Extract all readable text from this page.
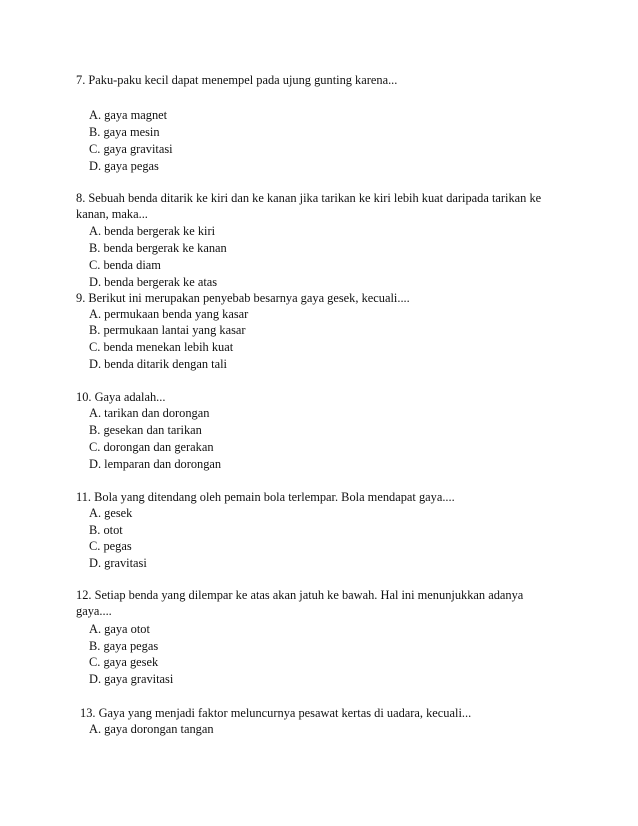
7. Paku-paku kecil dapat menempel pada ujung gunting karena...
A. gaya magnet
B. gaya mesin
C. gaya gravitasi
D. gaya pegas
8. Sebuah benda ditarik ke kiri dan ke kanan jika tarikan ke kiri lebih kuat daripada tarikan ke kanan, maka...
A. benda bergerak ke kiri
B. benda bergerak ke kanan
C. benda diam
D. benda bergerak ke atas
9. Berikut ini merupakan penyebab besarnya gaya gesek, kecuali....
A. permukaan benda yang kasar
B. permukaan lantai yang kasar
C. benda menekan lebih kuat
D. benda ditarik dengan tali
10. Gaya adalah...
A. tarikan dan dorongan
B. gesekan dan tarikan
C. dorongan dan gerakan
D. lemparan dan dorongan
11. Bola yang ditendang oleh pemain bola terlempar. Bola mendapat gaya....
A. gesek
B. otot
C. pegas
D. gravitasi
12. Setiap benda yang dilempar ke atas akan jatuh ke bawah. Hal ini menunjukkan adanya gaya....
A. gaya otot
B. gaya pegas
C. gaya gesek
D. gaya gravitasi
13. Gaya yang menjadi faktor meluncurnya pesawat kertas di uadara, kecuali...
A. gaya dorongan tangan
